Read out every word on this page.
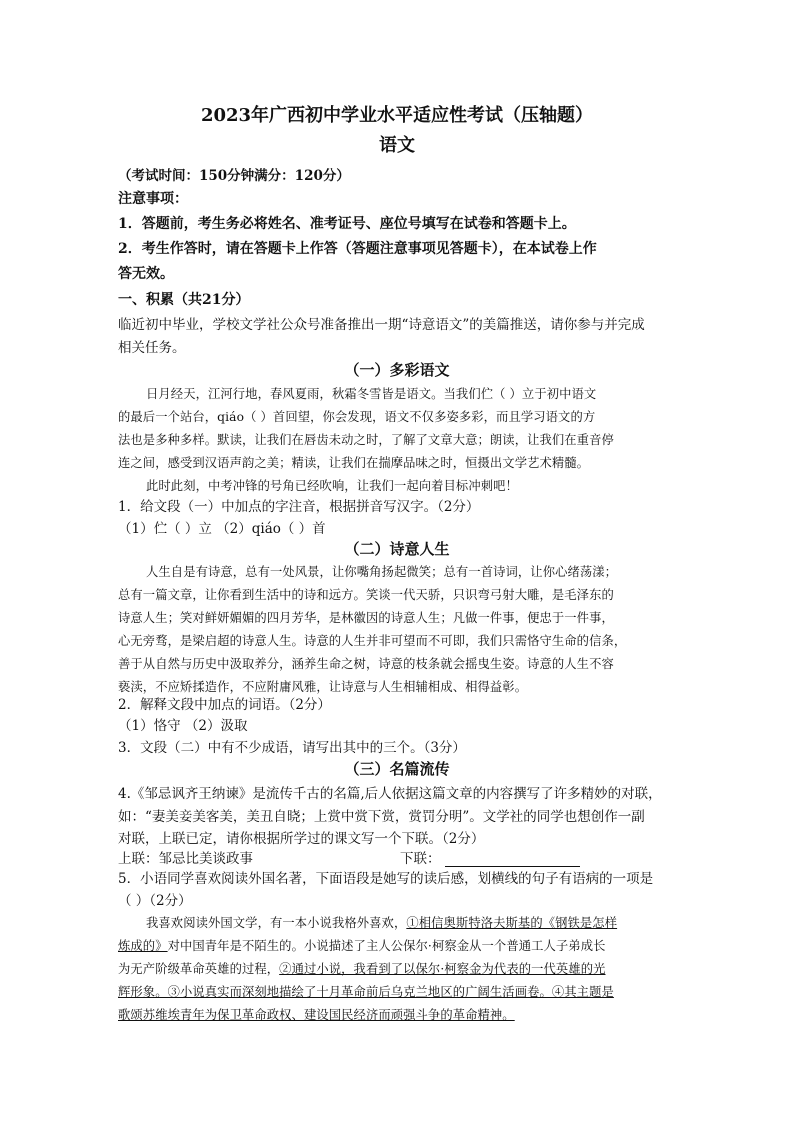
2023年广西初中学业水平适应性考试（压轴题）
语文
（考试时间：150分钟满分：120分）
注意事项：
1．答题前，考生务必将姓名、准考证号、座位号填写在试卷和答题卡上。
2．考生作答时，请在答题卡上作答（答题注意事项见答题卡），在本试卷上作
答无效。
一、积累（共21分）
临近初中毕业，学校文学社公众号准备推出一期“诗意语文”的美篇推送，请你参与并完成
相关任务。
（一）多彩语文
日月经天，江河行地，春风夏雨，秋霜冬雪皆是语文。当我们伫（ ）立于初中语文
的最后一个站台，qiáo（ ）首回望，你会发现，语文不仅多姿多彩，而且学习语文的方
法也是多种多样。默读，让我们在唇齿未动之时，了解了文章大意；朗读，让我们在重音停
连之间，感受到汉语声韵之美；精读，让我们在揣摩品味之时，恒摄出文学艺术精髓。
此时此刻，中考冲锋的号角已经吹响，让我们一起向着目标冲刺吧！
1．给文段（一）中加点的字注音，根据拼音写汉字。（2分）
（1）伫（ ）立 （2）qiáo（ ）首
（二）诗意人生
人生自是有诗意，总有一处风景，让你嘴角扬起微笑；总有一首诗词，让你心绪荡漾；
总有一篇文章，让你看到生活中的诗和远方。笑谈一代天骄，只识弯弓射大雕，是毛泽东的
诗意人生；笑对鲜妍媚媚的四月芳华，是林徽因的诗意人生；凡做一件事，便忠于一件事，
心无旁骛，是梁启超的诗意人生。诗意的人生并非可望而不可即，我们只需恪守生命的信条，
善于从自然与历史中汲取养分，涵养生命之树，诗意的枝条就会摇曳生姿。诗意的人生不容
亵渎，不应矫揉造作，不应附庸风雅，让诗意与人生相辅相成、相得益彰。
2．解释文段中加点的词语。（2分）
（1）恪守 （2）汲取
3．文段（二）中有不少成语，请写出其中的三个。（3分）
（三）名篇流传
4.《邹忌讽齐王纳谏》是流传千古的名篇,后人依据这篇文章的内容撰写了许多精妙的对联，
如：“妻美妾美客美，美丑自晓；上赏中赏下赏，赏罚分明”。文学社的同学也想创作一副
对联，上联已定，请你根据所学过的课文写一个下联。（2分）
上联：邹忌比美谈政事	下联：
5．小语同学喜欢阅读外国名著，下面语段是她写的读后感，划横线的句子有语病的一项是
（ ）（2分）
我喜欢阅读外国文学，有一本小说我格外喜欢，①相信奥斯特洛夫斯基的《钢铁是怎样
炼成的》对中国青年是不陌生的。小说描述了主人公保尔·柯察金从一个普通工人子弟成长
为无产阶级革命英雄的过程，②通过小说，我看到了以保尔·柯察金为代表的一代英雄的光
辉形象。③小说真实而深刻地描绘了十月革命前后乌克兰地区的广阔生活画卷。④其主题是
歌颂苏维埃青年为保卫革命政权、建设国民经济而顽强斗争的革命精神。
